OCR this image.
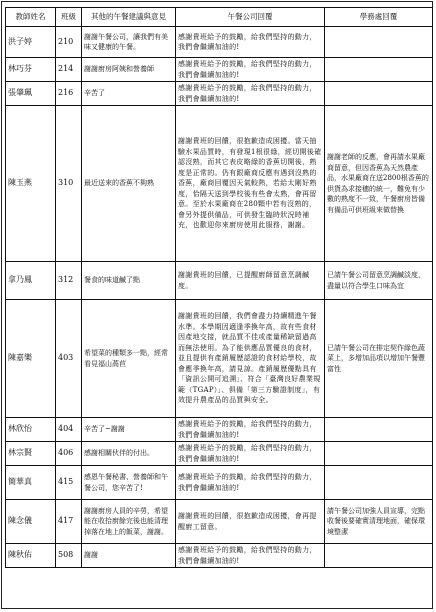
教師姓名	班級	其他的午餐建議與意見	午餐公司回覆	學務處回覆
洪子婷	210	謝謝午餐公司，讓我們有美味又健康的午餐。	感謝貴班給予的鼓勵，給我們堅持的動力，我們會繼續加油的!	
林巧芬	214	謝謝廚房阿姨和營養師	感謝貴班給予的鼓勵，給我們堅持的動力，我們會繼續加油的!	
張肇珮	216	辛苦了	感謝貴班給予的鼓勵，給我們堅持的動力，我們會繼續加油的!	
陳玉燕	310	最近送來的香蕉不夠熟	謝謝貴班的回饋，很抱歉造成困擾。當天抽驗水果品質時，有發現1根很綠，經切開後確認沒熟，而其它表皮略綠的香蕉切開後，熟度是正常的。仍有跟廠商反應有遇到沒熟的香蕉，廠商回覆因天氣較熱，若給太剛好熟度，恰隔天送到學校後有些會太熟，會再留意。至於水果廠商在280顆中若有沒熟的，會另外提供備品，可供發生臨時狀況時補充，也歡迎你來廚房使用此服務，謝謝。	謝謝老師的反應，會再請水果廠商留意，但因香蕉為天然農產品，水果廠商在送2800根香蕉的供貨為求接穗的統一，難免有少數的熟度不一致，午餐廚房皆備有備品可供班級來做替換
拿乃鳳	312	餐食的味道鹹了點	謝謝貴班的回饋，已提醒廚師留意烹調鹹度。	已請午餐公司留意烹調鹹淡度，盡量以符合學生口味為宜
陳嘉樂	403	希望菜的種類多一點，經常看見福山萵苣	謝謝貴班的回饋，我們會盡力持續精進午餐水準。本學期因適逢季換年高，故有些食材因產地交接，就品質不佳或產量稀缺留過高而無法使用。為了能供應品質優良的食材，並且提供有產銷履歷認證的食材給學校，故會應季換年高，請見諒。產銷履歷優點具有「資訊公開可追溯」、符合「臺灣良好農業規範（TGAP）」、俱備「第三方驗證制度」，有效提升農產品的品質與安全。	已請午餐公司在排定契作綠色蔬菜上，多增加品項以增加午餐豐富性
林欣怡	404	辛苦了~謝謝	感謝貴班給予的鼓勵，給我們堅持的動力，我們會繼續加油的!	
林宗賢	406	感謝相關伙伴的付出。	感謝貴班給予的鼓勵，給我們堅持的動力，我們會繼續加油的!	
簡華真	415	感恩午餐秘書、營養師和午餐公司，您辛苦了!	感謝貴班給予的鼓勵，給我們堅持的動力，我們會繼續加油的!	
陳念儀	417	謝謝廚房人員的辛勞，希望能在收拾廚餘完後也能清理掉落在地上的飯菜，謝謝。	謝謝貴班的回饋，很抱歉造成困擾，會再提醒廚工留意。	請午餐公司加強人員宣導，完點收餐後要確實清理地面，確保環境整潔
陳秋佑	508	謝謝	感謝貴班給予的鼓勵，給我們堅持的動力，我們會繼續加油的!	
